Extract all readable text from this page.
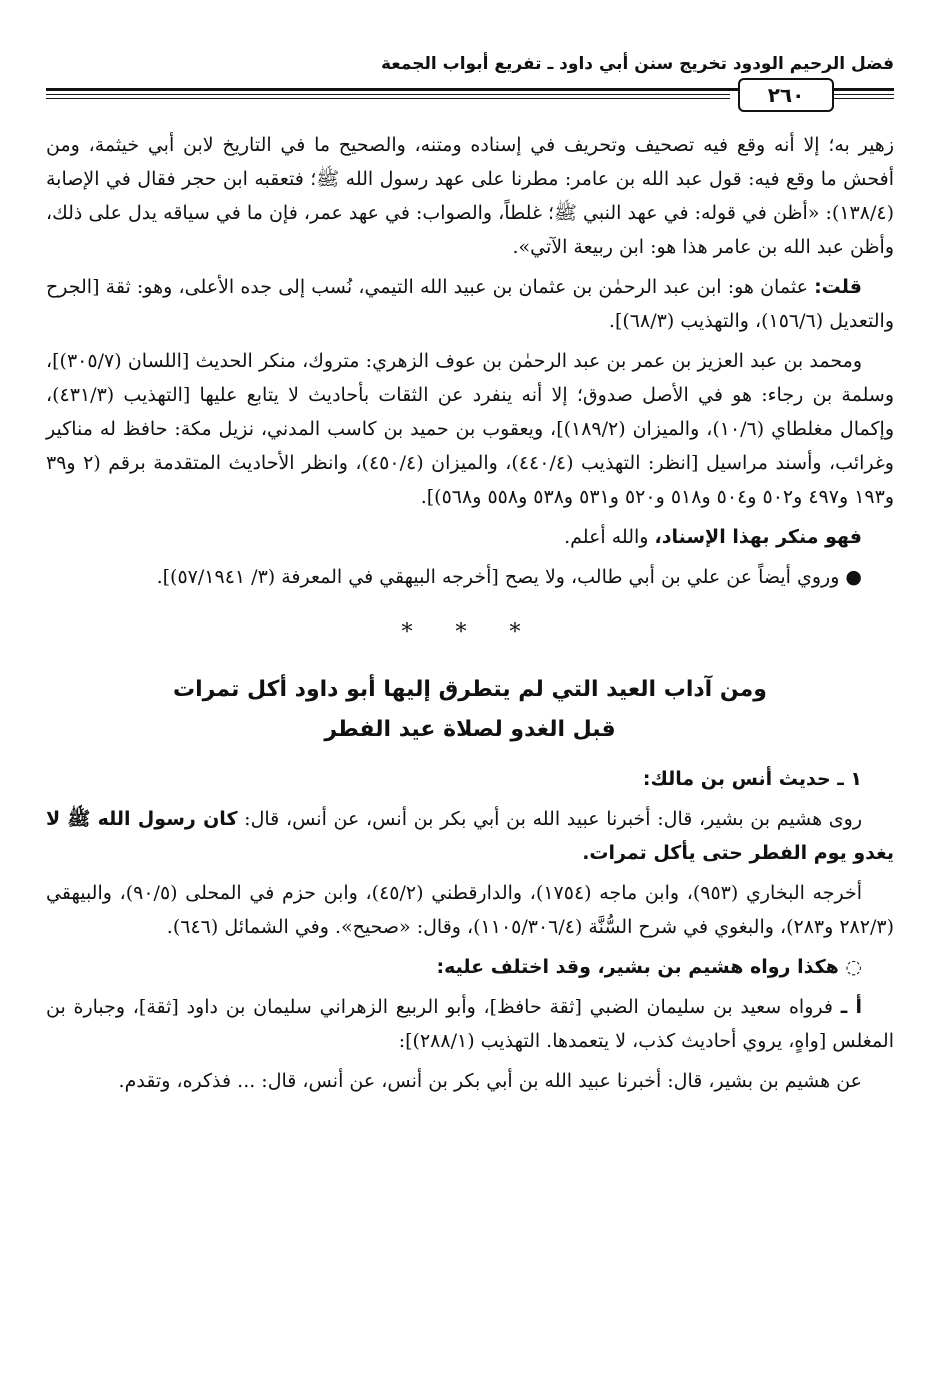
فضل الرحيم الودود تخريج سنن أبي داود ـ تفريع أبواب الجمعة
٢٦٠

زهير به؛ إلا أنه وقع فيه تصحيف وتحريف في إسناده ومتنه، والصحيح ما في التاريخ لابن أبي خيثمة، ومن أفحش ما وقع فيه: قول عبد الله بن عامر: مطرنا على عهد رسول الله ﷺ؛ فتعقبه ابن حجر فقال في الإصابة (١٣٨/٤): «أظن في قوله: في عهد النبي ﷺ؛ غلطاً، والصواب: في عهد عمر، فإن ما في سياقه يدل على ذلك، وأظن عبد الله بن عامر هذا هو: ابن ربيعة الآتي».

قلت: عثمان هو: ابن عبد الرحمٰن بن عثمان بن عبيد الله التيمي، نُسب إلى جده الأعلى، وهو: ثقة [الجرح والتعديل (١٥٦/٦)، والتهذيب (٦٨/٣)].

ومحمد بن عبد العزيز بن عمر بن عبد الرحمٰن بن عوف الزهري: متروك، منكر الحديث [اللسان (٣٠٥/٧)]، وسلمة بن رجاء: هو في الأصل صدوق؛ إلا أنه ينفرد عن الثقات بأحاديث لا يتابع عليها [التهذيب (٤٣١/٣)، وإكمال مغلطاي (١٠/٦)، والميزان (١٨٩/٢)]، ويعقوب بن حميد بن كاسب المدني، نزيل مكة: حافظ له مناكير وغرائب، وأسند مراسيل [انظر: التهذيب (٤٤٠/٤)، والميزان (٤٥٠/٤)، وانظر الأحاديث المتقدمة برقم (٢ و٣٩ و١٩٣ و٤٩٧ و٥٠٢ و٥٠٤ و٥١٨ و٥٢٠ و٥٣١ و٥٣٨ و٥٥٨ و٥٦٨)].

فهو منكر بهذا الإسناد، والله أعلم.

● وروي أيضاً عن علي بن أبي طالب، ولا يصح [أخرجه البيهقي في المعرفة (٣/ ٥٧/١٩٤١)].

* * *

ومن آداب العيد التي لم يتطرق إليها أبو داود أكل تمرات
قبل الغدو لصلاة عيد الفطر

١ ـ حديث أنس بن مالك:

روى هشيم بن بشير، قال: أخبرنا عبيد الله بن أبي بكر بن أنس، عن أنس، قال: كان رسول الله ﷺ لا يغدو يوم الفطر حتى يأكل تمرات.

أخرجه البخاري (٩٥٣)، وابن ماجه (١٧٥٤)، والدارقطني (٤٥/٢)، وابن حزم في المحلى (٩٠/٥)، والبيهقي (٢٨٢/٣ و٢٨٣)، والبغوي في شرح السُّنَّة (١١٠٥/٣٠٦/٤)، وقال: «صحيح». وفي الشمائل (٦٤٦).

◌ هكذا رواه هشيم بن بشير، وقد اختلف عليه:

أ ـ فرواه سعيد بن سليمان الضبي [ثقة حافظ]، وأبو الربيع الزهراني سليمان بن داود [ثقة]، وجبارة بن المغلس [واهٍ، يروي أحاديث كذب، لا يتعمدها. التهذيب (٢٨٨/١)]:

عن هشيم بن بشير، قال: أخبرنا عبيد الله بن أبي بكر بن أنس، عن أنس، قال: ... فذكره، وتقدم.
